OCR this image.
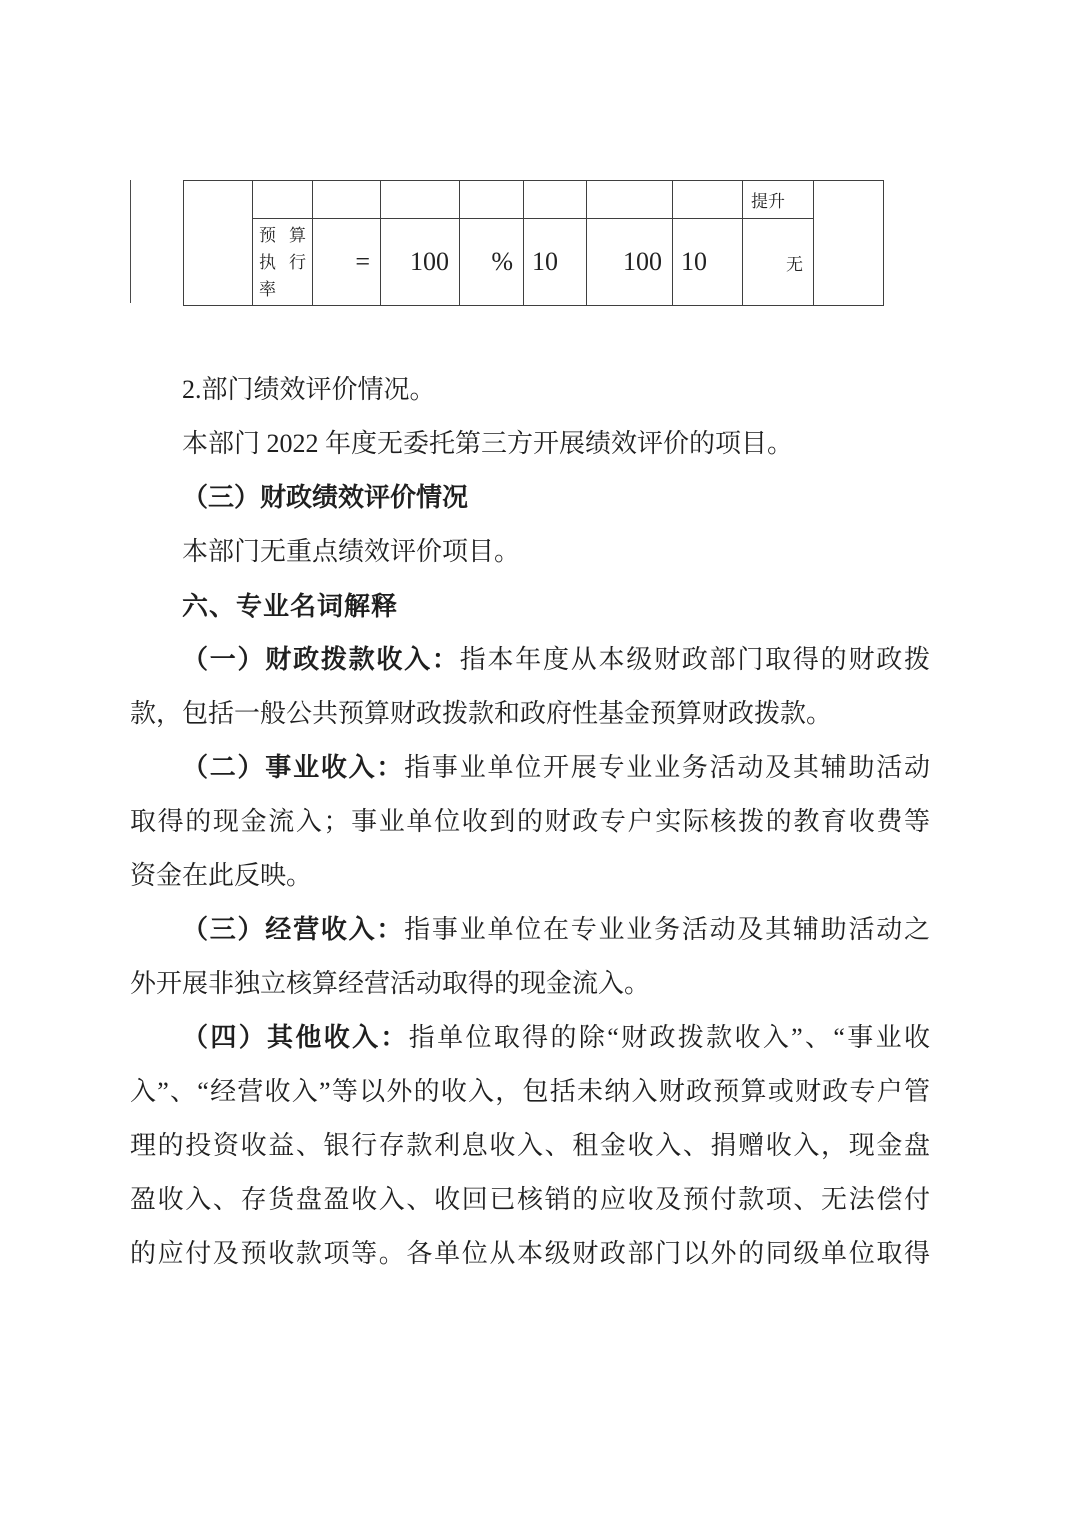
								提升	

	预 算
执 行
率	=	100	%	10	100	10	无	
2.部门绩效评价情况。
本部门 2022 年度无委托第三方开展绩效评价的项目。
（三）财政绩效评价情况
本部门无重点绩效评价项目。
六、专业名词解释
（一）财政拨款收入：指本年度从本级财政部门取得的财政拨
款，包括一般公共预算财政拨款和政府性基金预算财政拨款。
（二）事业收入：指事业单位开展专业业务活动及其辅助活动
取得的现金流入；事业单位收到的财政专户实际核拨的教育收费等
资金在此反映。
（三）经营收入：指事业单位在专业业务活动及其辅助活动之
外开展非独立核算经营活动取得的现金流入。
（四）其他收入：指单位取得的除“财政拨款收入”、“事业收
入”、“经营收入”等以外的收入，包括未纳入财政预算或财政专户管
理的投资收益、银行存款利息收入、租金收入、捐赠收入，现金盘
盈收入、存货盘盈收入、收回已核销的应收及预付款项、无法偿付
的应付及预收款项等。各单位从本级财政部门以外的同级单位取得
